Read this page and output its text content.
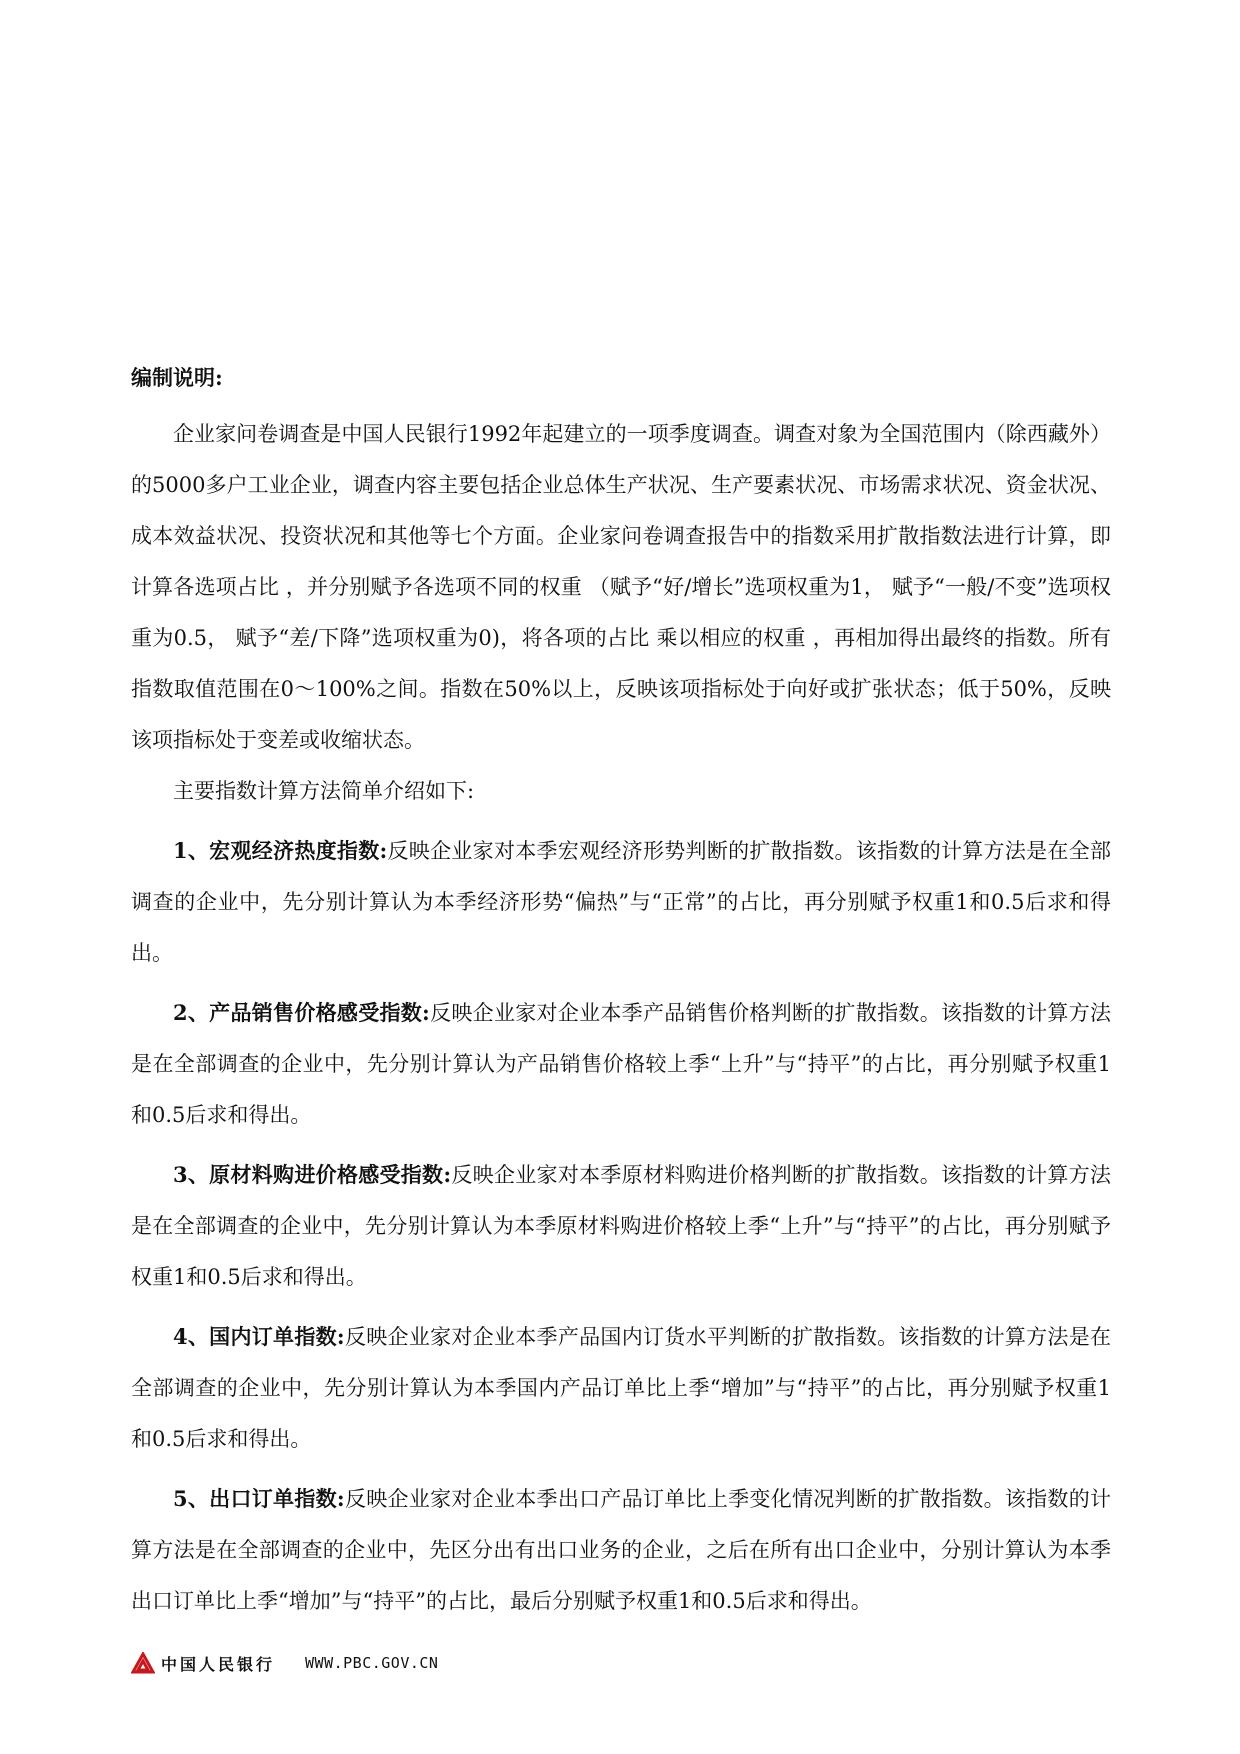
编制说明:

企业家问卷调查是中国人民银行1992年起建立的一项季度调查。调查对象为全国范围内（除西藏外）的5000多户工业企业，调查内容主要包括企业总体生产状况、生产要素状况、市场需求状况、资金状况、成本效益状况、投资状况和其他等七个方面。企业家问卷调查报告中的指数采用扩散指数法进行计算，即计算各选项占比 ，并分别赋予各选项不同的权重 （赋予“好/增长”选项权重为1， 赋予“一般/不变”选项权重为0.5， 赋予“差/下降”选项权重为0)，将各项的占比 乘以相应的权重 ，再相加得出最终的指数。所有指数取值范围在0～100%之间。指数在50%以上，反映该项指标处于向好或扩张状态；低于50%，反映该项指标处于变差或收缩状态。

主要指数计算方法简单介绍如下:

1、宏观经济热度指数:反映企业家对本季宏观经济形势判断的扩散指数。该指数的计算方法是在全部调查的企业中，先分别计算认为本季经济形势“偏热”与“正常”的占比，再分别赋予权重1和0.5后求和得出。

2、产品销售价格感受指数:反映企业家对企业本季产品销售价格判断的扩散指数。该指数的计算方法是在全部调查的企业中，先分别计算认为产品销售价格较上季“上升”与“持平”的占比，再分别赋予权重1和0.5后求和得出。

3、原材料购进价格感受指数:反映企业家对本季原材料购进价格判断的扩散指数。该指数的计算方法是在全部调查的企业中，先分别计算认为本季原材料购进价格较上季“上升”与“持平”的占比，再分别赋予权重1和0.5后求和得出。

4、国内订单指数:反映企业家对企业本季产品国内订货水平判断的扩散指数。该指数的计算方法是在全部调查的企业中，先分别计算认为本季国内产品订单比上季“增加”与“持平”的占比，再分别赋予权重1和0.5后求和得出。

5、出口订单指数:反映企业家对企业本季出口产品订单比上季变化情况判断的扩散指数。该指数的计算方法是在全部调查的企业中，先区分出有出口业务的企业，之后在所有出口企业中，分别计算认为本季出口订单比上季“增加”与“持平”的占比，最后分别赋予权重1和0.5后求和得出。

中国人民银行 WWW.PBC.GOV.CN
